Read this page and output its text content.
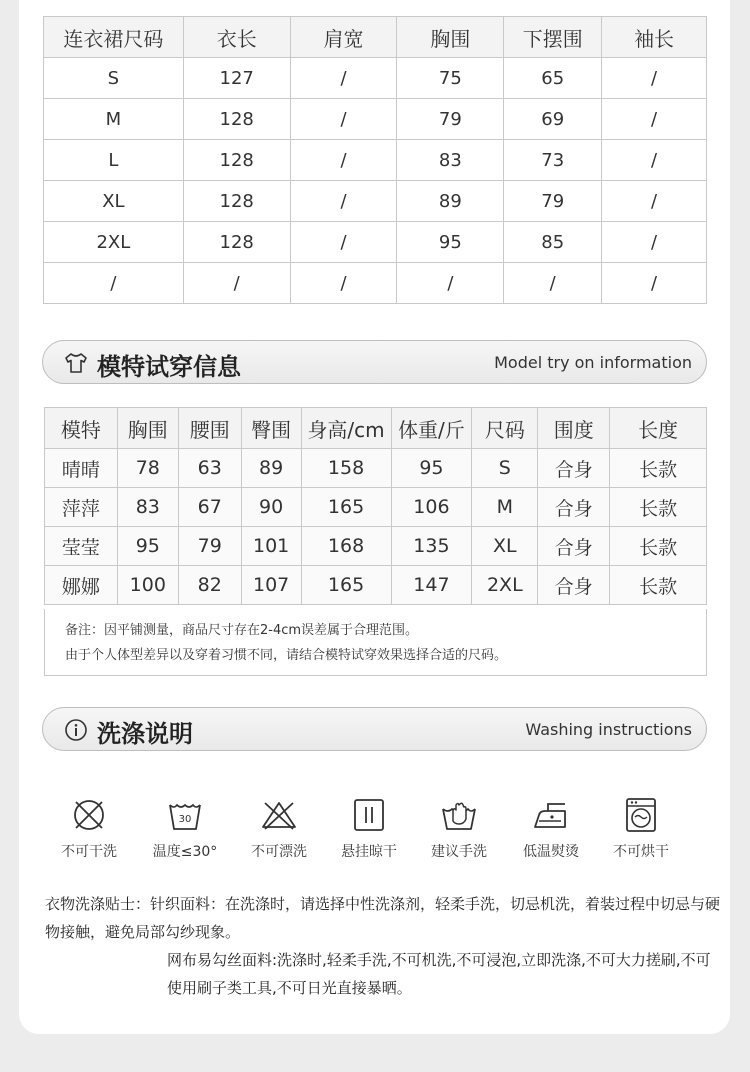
连衣裙尺码	衣长	肩宽	胸围	下摆围	袖长
S	127	/	75	65	/
M	128	/	79	69	/
L	128	/	83	73	/
XL	128	/	89	79	/
2XL	128	/	95	85	/
/	/	/	/	/	/
模特试穿信息	Model try on information
模特	胸围	腰围	臀围	身高/cm	体重/斤	尺码	围度	长度
晴晴	78	63	89	158	95	S	合身	长款
萍萍	83	67	90	165	106	M	合身	长款
莹莹	95	79	101	168	135	XL	合身	长款
娜娜	100	82	107	165	147	2XL	合身	长款
备注：因平铺测量，商品尺寸存在2-4cm误差属于合理范围。
由于个人体型差异以及穿着习惯不同，请结合模特试穿效果选择合适的尺码。
洗涤说明	Washing instructions
不可干洗
30
温度≤30°	不可漂洗	悬挂晾干	建议手洗	低温熨烫	不可烘干
衣物洗涤贴士：针织面料：在洗涤时，请选择中性洗涤剂，轻柔手洗，切忌机洗，着装过程中切忌与硬物接触，避免局部勾纱现象。
网布易勾丝面料:洗涤时,轻柔手洗,不可机洗,不可浸泡,立即洗涤,不可大力搓刷,不可使用刷子类工具,不可日光直接暴晒。
